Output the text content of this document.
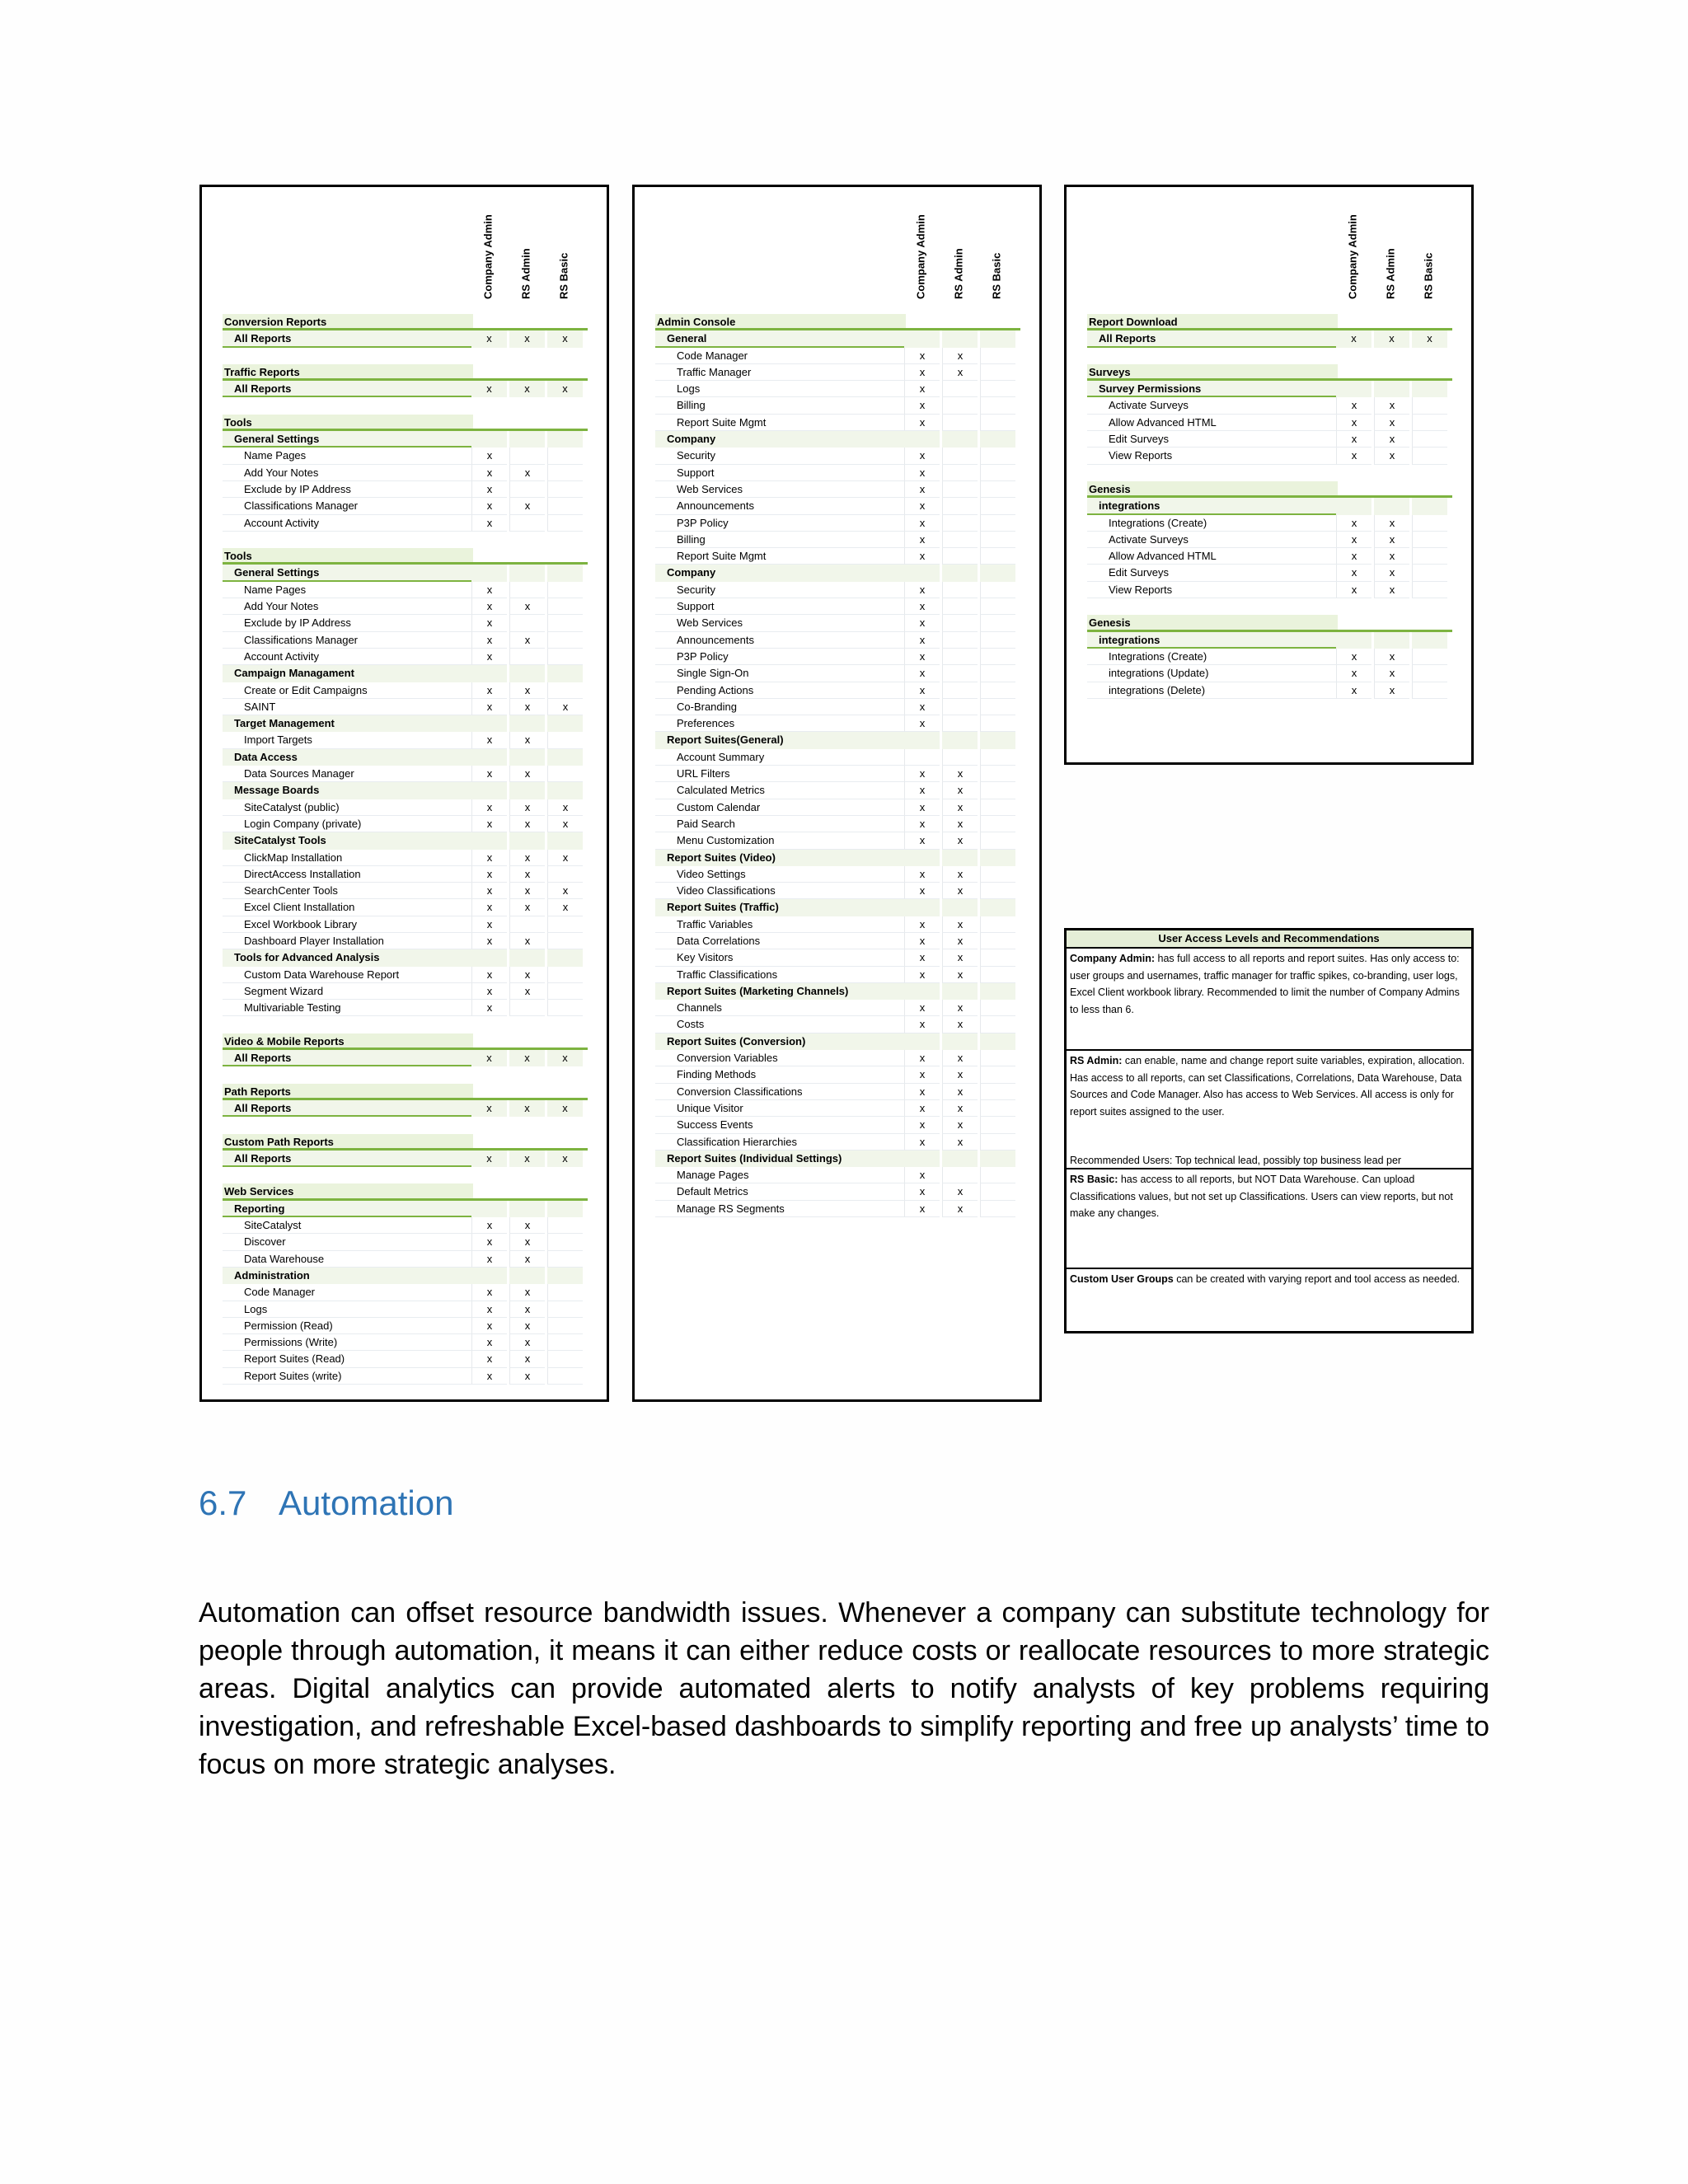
Company Admin RS Admin RS Basic
Conversion Reports
All Reports	x	x	x
Traffic Reports
All Reports	x	x	x
Tools
General Settings
Name Pages	x
Add Your Notes	x	x
Exclude by IP Address	x
Classifications Manager	x	x
Account Activity	x
Tools
General Settings
Name Pages	x
Add Your Notes	x	x
Exclude by IP Address	x
Classifications Manager	x	x
Account Activity	x
Campaign Managament
Create or Edit Campaigns	x	x
SAINT	x	x	x
Target Management
Import Targets	x	x
Data Access
Data Sources Manager	x	x
Message Boards
SiteCatalyst (public)	x	x	x
Login Company (private)	x	x	x
SiteCatalyst Tools
ClickMap Installation	x	x	x
DirectAccess Installation	x	x
SearchCenter Tools	x	x	x
Excel Client Installation	x	x	x
Excel Workbook Library	x
Dashboard Player Installation	x	x
Tools for Advanced Analysis
Custom Data Warehouse Report	x	x
Segment Wizard	x	x
Multivariable Testing	x
Video & Mobile Reports
All Reports	x	x	x
Path Reports
All Reports	x	x	x
Custom Path Reports
All Reports	x	x	x
Web Services
Reporting
SiteCatalyst	x	x
Discover	x	x
Data Warehouse	x	x
Administration
Code Manager	x	x
Logs	x	x
Permission (Read)	x	x
Permissions (Write)	x	x
Report Suites (Read)	x	x
Report Suites (write)	x	x
Company Admin RS Admin RS Basic
Admin Console
General
Code Manager	x	x
Traffic Manager	x	x
Logs	x
Billing	x
Report Suite Mgmt	x
Company
Security	x
Support	x
Web Services	x
Announcements	x
P3P Policy	x
Billing	x
Report Suite Mgmt	x
Company
Security	x
Support	x
Web Services	x
Announcements	x
P3P Policy	x
Single Sign-On	x
Pending Actions	x
Co-Branding	x
Preferences	x
Report Suites(General)
Account Summary
URL Filters	x	x
Calculated Metrics	x	x
Custom Calendar	x	x
Paid Search	x	x
Menu Customization	x	x
Report Suites (Video)
Video Settings	x	x
Video Classifications	x	x
Report Suites (Traffic)
Traffic Variables	x	x
Data Correlations	x	x
Key Visitors	x	x
Traffic Classifications	x	x
Report Suites (Marketing Channels)
Channels	x	x
Costs	x	x
Report Suites (Conversion)
Conversion Variables	x	x
Finding Methods	x	x
Conversion Classifications	x	x
Unique Visitor	x	x
Success Events	x	x
Classification Hierarchies	x	x
Report Suites (Individual Settings)
Manage Pages	x
Default Metrics	x	x
Manage RS Segments	x	x
Company Admin RS Admin RS Basic
Report Download
All Reports	x	x	x
Surveys
Survey Permissions
Activate Surveys	x	x
Allow Advanced HTML	x	x
Edit Surveys	x	x
View Reports	x	x
Genesis
integrations
Integrations (Create)	x	x
Activate Surveys	x	x
Allow Advanced HTML	x	x
Edit Surveys	x	x
View Reports	x	x
Genesis
integrations
Integrations (Create)	x	x
integrations (Update)	x	x
integrations (Delete)	x	x
User Access Levels and Recommendations
Company Admin: has full access to all reports and report suites. Has only access to: user groups and usernames, traffic manager for traffic spikes, co-branding, user logs, Excel Client workbook library. Recommended to limit the number of Company Admins to less than 6.
RS Admin: can enable, name and change report suite variables, expiration, allocation. Has access to all reports, can set Classifications, Correlations, Data Warehouse, Data Sources and Code Manager. Also has access to Web Services. All access is only for report suites assigned to the user.
Recommended Users: Top technical lead, possibly top business lead per
RS Basic: has access to all reports, but NOT Data Warehouse. Can upload Classifications values, but not set up Classifications. Users can view reports, but not make any changes.
Custom User Groups can be created with varying report and tool access as needed.
6.7 Automation
Automation can offset resource bandwidth issues. Whenever a company can substitute technology for people through automation, it means it can either reduce costs or reallocate resources to more strategic areas. Digital analytics can provide automated alerts to notify analysts of key problems requiring investigation, and refreshable Excel-based dashboards to simplify reporting and free up analysts’ time to focus on more strategic analyses.
